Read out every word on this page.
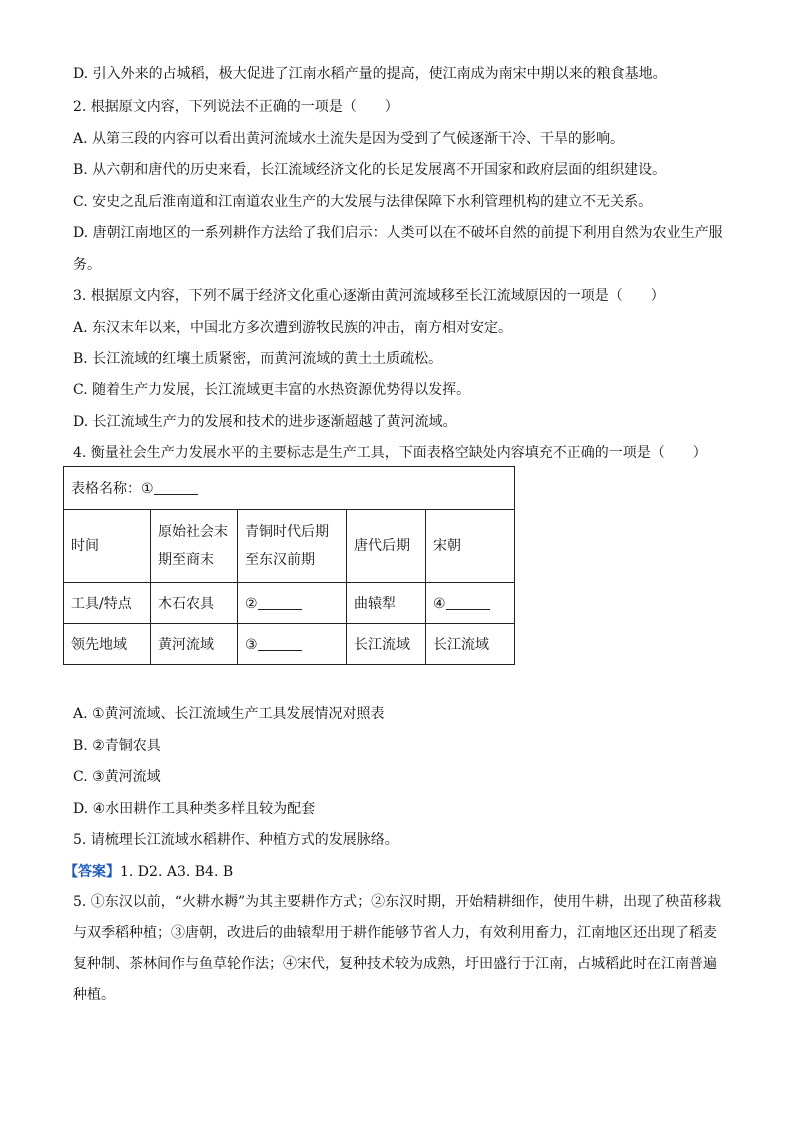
D. 引入外来的占城稻，极大促进了江南水稻产量的提高，使江南成为南宋中期以来的粮食基地。
2. 根据原文内容，下列说法不正确的一项是（　　）
A. 从第三段的内容可以看出黄河流域水土流失是因为受到了气候逐渐干冷、干旱的影响。
B. 从六朝和唐代的历史来看，长江流域经济文化的长足发展离不开国家和政府层面的组织建设。
C. 安史之乱后淮南道和江南道农业生产的大发展与法律保障下水利管理机构的建立不无关系。
D. 唐朝江南地区的一系列耕作方法给了我们启示：人类可以在不破坏自然的前提下利用自然为农业生产服
务。
3. 根据原文内容，下列不属于经济文化重心逐渐由黄河流域移至长江流域原因的一项是（　　）
A. 东汉末年以来，中国北方多次遭到游牧民族的冲击，南方相对安定。
B. 长江流域的红壤土质紧密，而黄河流域的黄土土质疏松。
C. 随着生产力发展，长江流域更丰富的水热资源优势得以发挥。
D. 长江流域生产力的发展和技术的进步逐渐超越了黄河流域。
4. 衡量社会生产力发展水平的主要标志是生产工具，下面表格空缺处内容填充不正确的一项是（　　）
表格名称：①				
时间	原始社会末期至商末	青铜时代后期至东汉前期	唐代后期	宋朝
工具/特点	木石农具	②	曲辕犁	④
领先地域	黄河流域	③	长江流域	长江流域
A. ①黄河流域、长江流域生产工具发展情况对照表
B. ②青铜农具
C. ③黄河流域
D. ④水田耕作工具种类多样且较为配套
5. 请梳理长江流域水稻耕作、种植方式的发展脉络。
【答案】1. D2. A3. B4. B
5. ①东汉以前，“火耕水耨”为其主要耕作方式；②东汉时期，开始精耕细作，使用牛耕，出现了秧苗移栽与双季稻种植；③唐朝，改进后的曲辕犁用于耕作能够节省人力，有效利用畜力，江南地区还出现了稻麦复种制、茶林间作与鱼草轮作法；④宋代，复种技术较为成熟，圩田盛行于江南，占城稻此时在江南普遍种植。
